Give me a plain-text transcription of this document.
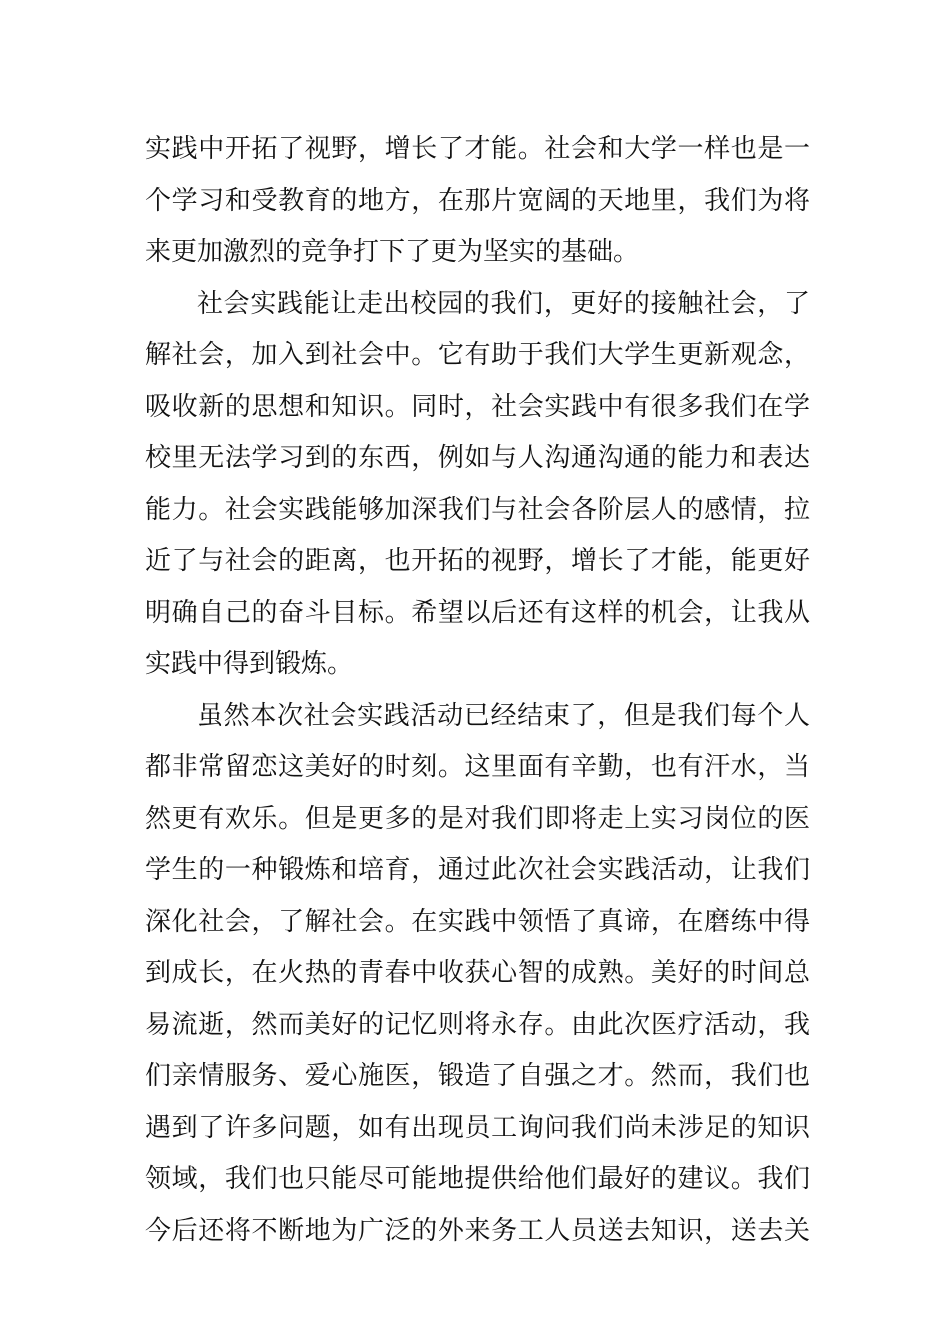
实践中开拓了视野，增长了才能。社会和大学一样也是一
个学习和受教育的地方，在那片宽阔的天地里，我们为将
来更加激烈的竞争打下了更为坚实的基础。
社会实践能让走出校园的我们，更好的接触社会，了
解社会，加入到社会中。它有助于我们大学生更新观念，
吸收新的思想和知识。同时，社会实践中有很多我们在学
校里无法学习到的东西，例如与人沟通沟通的能力和表达
能力。社会实践能够加深我们与社会各阶层人的感情，拉
近了与社会的距离，也开拓的视野，增长了才能，能更好
明确自己的奋斗目标。希望以后还有这样的机会，让我从
实践中得到锻炼。
虽然本次社会实践活动已经结束了，但是我们每个人
都非常留恋这美好的时刻。这里面有辛勤，也有汗水，当
然更有欢乐。但是更多的是对我们即将走上实习岗位的医
学生的一种锻炼和培育，通过此次社会实践活动，让我们
深化社会，了解社会。在实践中领悟了真谛，在磨练中得
到成长，在火热的青春中收获心智的成熟。美好的时间总
易流逝，然而美好的记忆则将永存。由此次医疗活动，我
们亲情服务、爱心施医，锻造了自强之才。然而，我们也
遇到了许多问题，如有出现员工询问我们尚未涉足的知识
领域，我们也只能尽可能地提供给他们最好的建议。我们
今后还将不断地为广泛的外来务工人员送去知识，送去关
